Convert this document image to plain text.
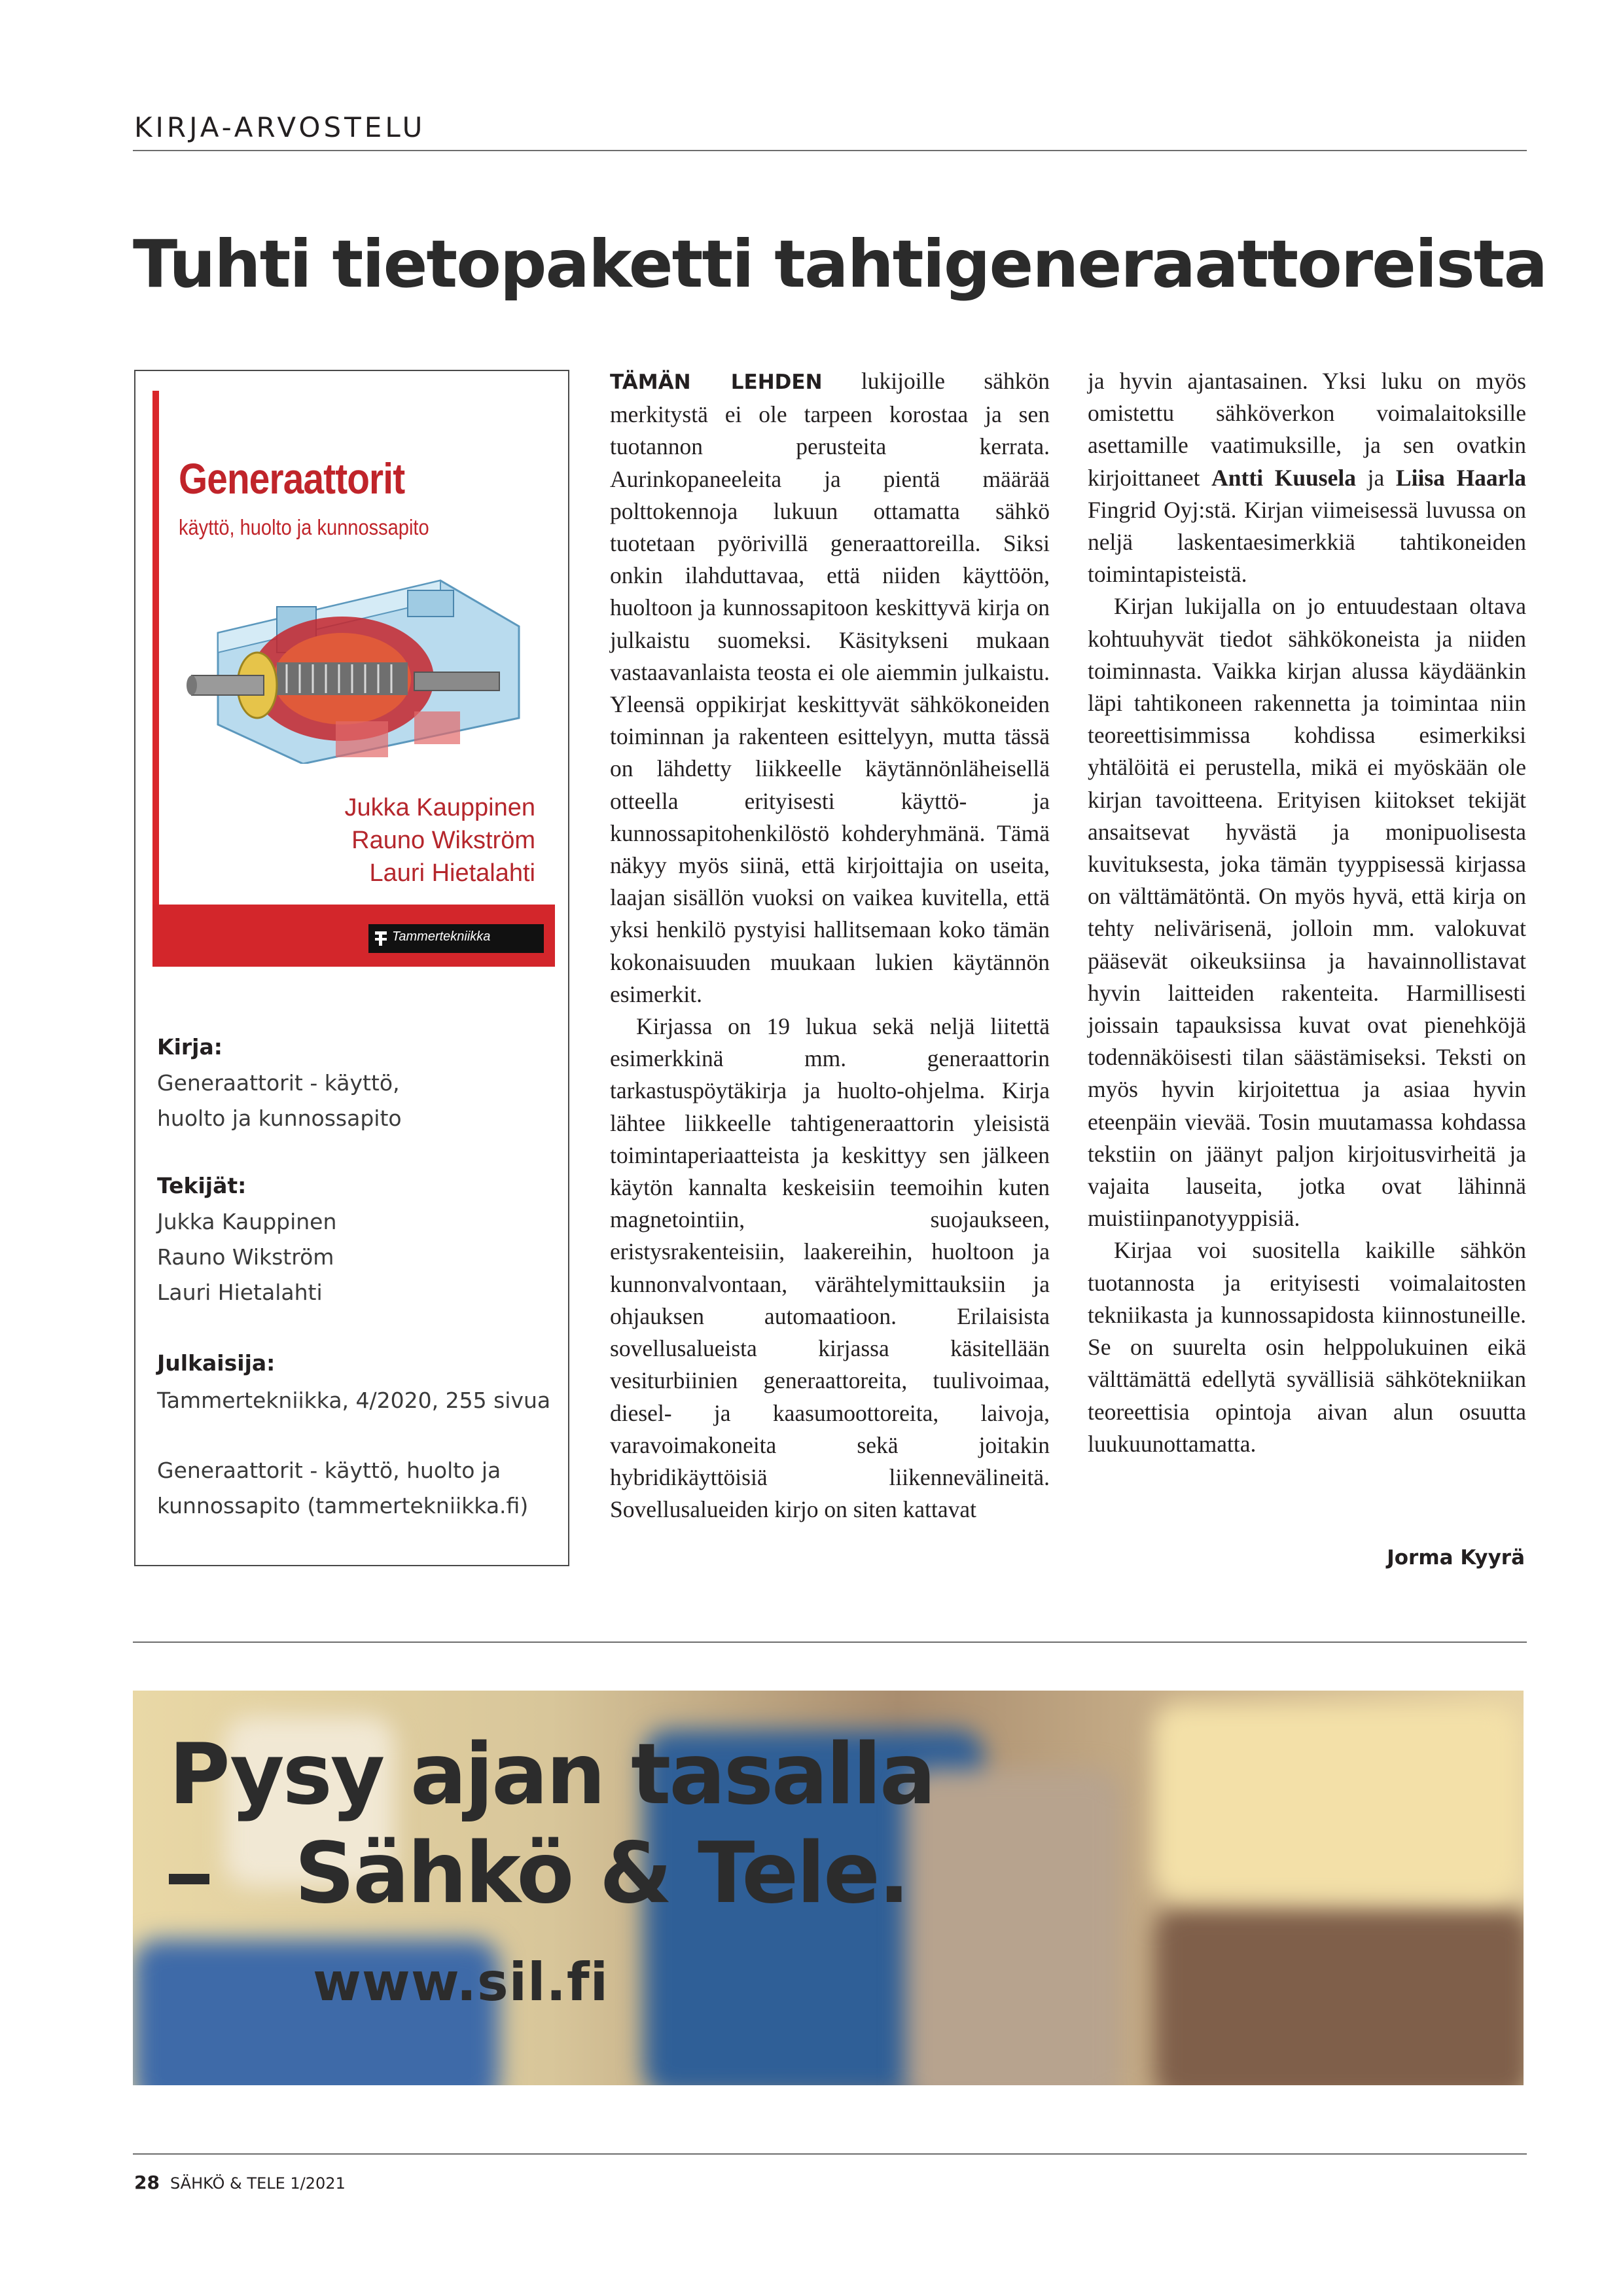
KIRJA-ARVOSTELU
Tuhti tietopaketti tahtigeneraattoreista
Generaattorit
käyttö, huolto ja kunnossapito
Jukka Kauppinen
Rauno Wikström
Lauri Hietalahti
Tammertekniikka
Kirja:
Generaattorit - käyttö,
huolto ja kunnossapito
Tekijät:
Jukka Kauppinen
Rauno Wikström
Lauri Hietalahti
Julkaisija:
Tammertekniikka, 4/2020, 255 sivua
Generaattorit - käyttö, huolto ja
kunnossapito (tammertekniikka.fi)

TÄMÄN LEHDEN lukijoille sähkön merkitystä ei ole tarpeen korostaa ja sen tuotannon perusteita kerrata. Aurinkopaneeleita ja pientä määrää polttokennoja lukuun ottamatta sähkö tuotetaan pyörivillä generaattoreilla. Siksi onkin ilahduttavaa, että niiden käyttöön, huoltoon ja kunnossapitoon keskittyvä kirja on julkaistu suomeksi. Käsitykseni mukaan vastaavanlaista teosta ei ole aiemmin julkaistu. Yleensä oppikirjat keskittyvät sähkökoneiden toiminnan ja rakenteen esittelyyn, mutta tässä on lähdetty liikkeelle käytännönläheisellä otteella erityisesti käyttö- ja kunnossapitohenkilöstö kohderyhmänä. Tämä näkyy myös siinä, että kirjoittajia on useita, laajan sisällön vuoksi on vaikea kuvitella, että yksi henkilö pystyisi hallitsemaan koko tämän kokonaisuuden muukaan lukien käytännön esimerkit.

Kirjassa on 19 lukua sekä neljä liitettä esimerkkinä mm. generaattorin tarkastuspöytäkirja ja huolto-ohjelma. Kirja lähtee liikkeelle tahtigeneraattorin yleisistä toimintaperiaatteista ja keskittyy sen jälkeen käytön kannalta keskeisiin teemoihin kuten magnetointiin, suojaukseen, eristysrakenteisiin, laakereihin, huoltoon ja kunnonvalvontaan, värähtelymittauksiin ja ohjauksen automaatioon. Erilaisista sovellusalueista kirjassa käsitellään vesiturbiinien generaattoreita, tuulivoimaa, diesel- ja kaasumoottoreita, laivoja, varavoimakoneita sekä joitakin hybridikäyttöisiä liikennevälineitä. Sovellusalueiden kirjo on siten kattavat

ja hyvin ajantasainen. Yksi luku on myös omistettu sähköverkon voimalaitoksille asettamille vaatimuksille, ja sen ovatkin kirjoittaneet Antti Kuusela ja Liisa Haarla Fingrid Oyj:stä. Kirjan viimeisessä luvussa on neljä laskentaesimerkkiä tahtikoneiden toimintapisteistä.

Kirjan lukijalla on jo entuudestaan oltava kohtuuhyvät tiedot sähkökoneista ja niiden toiminnasta. Vaikka kirjan alussa käydäänkin läpi tahtikoneen rakennetta ja toimintaa niin teoreettisimmissa kohdissa esimerkiksi yhtälöitä ei perustella, mikä ei myöskään ole kirjan tavoitteena. Erityisen kiitokset tekijät ansaitsevat hyvästä ja monipuolisesta kuvituksesta, joka tämän tyyppisessä kirjassa on välttämätöntä. On myös hyvä, että kirja on tehty nelivärisenä, jolloin mm. valokuvat pääsevät oikeuksiinsa ja havainnollistavat hyvin laitteiden rakenteita. Harmillisesti joissain tapauksissa kuvat ovat pienehköjä todennäköisesti tilan säästämiseksi. Teksti on myös hyvin kirjoitettua ja asiaa hyvin eteenpäin vievää. Tosin muutamassa kohdassa tekstiin on jäänyt paljon kirjoitusvirheitä ja vajaita lauseita, jotka ovat lähinnä muistiinpanotyyppisiä.

Kirjaa voi suositella kaikille sähkön tuotannosta ja erityisesti voimalaitosten tekniikasta ja kunnossapidosta kiinnostuneille. Se on suurelta osin helppolukuinen eikä välttämättä edellytä syvällisiä sähkötekniikan teoreettisia opintoja aivan alun osuutta luukuunottamatta.

Jorma Kyyrä
Pysy ajan tasalla
Sähkö & Tele.
www.sil.fi
28 SÄHKÖ & TELE 1/2021
